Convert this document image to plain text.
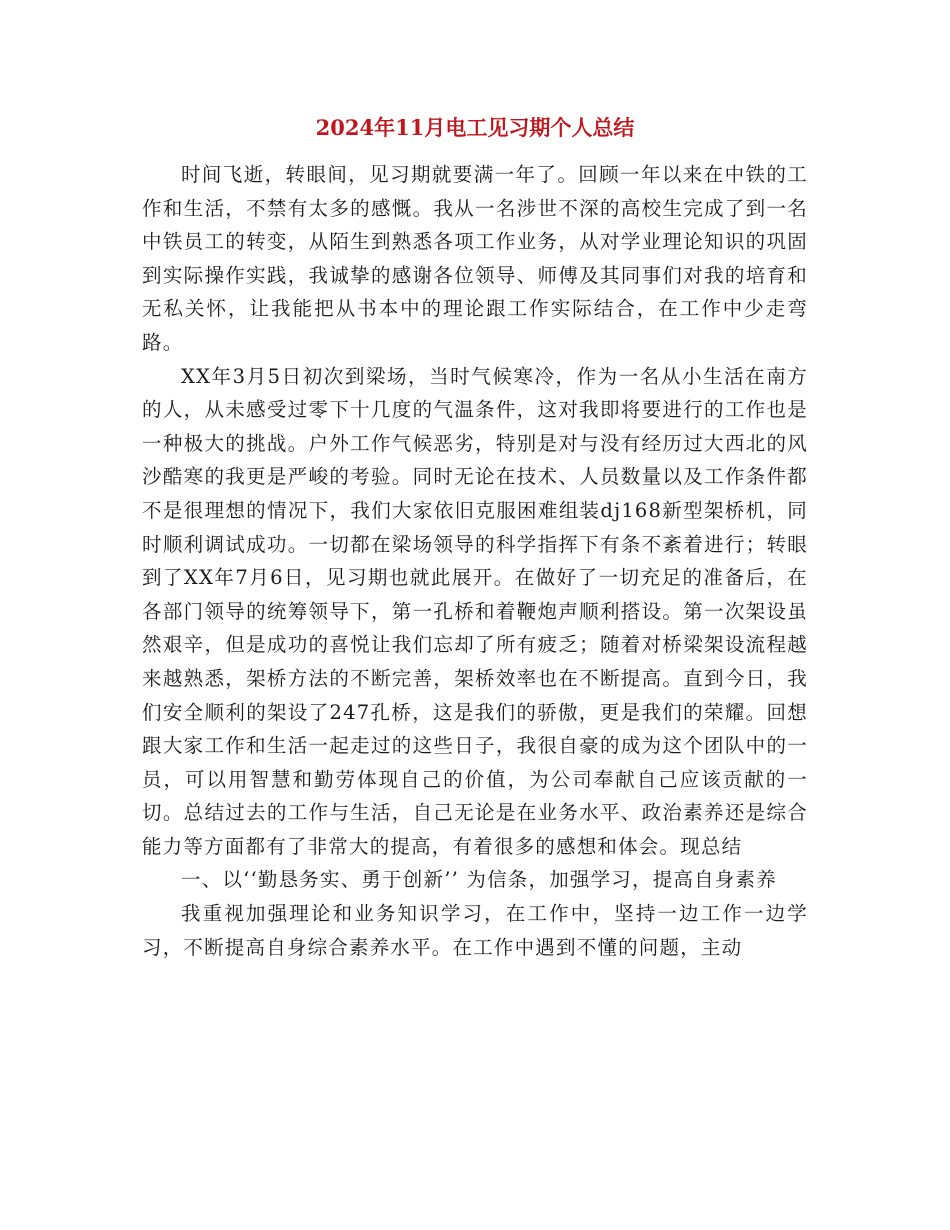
2024年11月电工见习期个人总结

时间飞逝，转眼间，见习期就要满一年了。回顾一年以来在中铁的工作和生活，不禁有太多的感慨。我从一名涉世不深的高校生完成了到一名中铁员工的转变，从陌生到熟悉各项工作业务，从对学业理论知识的巩固到实际操作实践，我诚挚的感谢各位领导、师傅及其同事们对我的培育和无私关怀，让我能把从书本中的理论跟工作实际结合，在工作中少走弯路。

XX年3月5日初次到梁场，当时气候寒冷，作为一名从小生活在南方的人，从未感受过零下十几度的气温条件，这对我即将要进行的工作也是一种极大的挑战。户外工作气候恶劣，特别是对与没有经历过大西北的风沙酷寒的我更是严峻的考验。同时无论在技术、人员数量以及工作条件都不是很理想的情况下，我们大家依旧克服困难组装dj168新型架桥机，同时顺利调试成功。一切都在梁场领导的科学指挥下有条不紊着进行；转眼到了XX年7月6日，见习期也就此展开。在做好了一切充足的准备后，在各部门领导的统筹领导下，第一孔桥和着鞭炮声顺利搭设。第一次架设虽然艰辛，但是成功的喜悦让我们忘却了所有疲乏；随着对桥梁架设流程越来越熟悉，架桥方法的不断完善，架桥效率也在不断提高。直到今日，我们安全顺利的架设了247孔桥，这是我们的骄傲，更是我们的荣耀。回想跟大家工作和生活一起走过的这些日子，我很自豪的成为这个团队中的一员，可以用智慧和勤劳体现自己的价值，为公司奉献自己应该贡献的一切。总结过去的工作与生活，自己无论是在业务水平、政治素养还是综合能力等方面都有了非常大的提高，有着很多的感想和体会。现总结

一、以‘‘勤恳务实、勇于创新’’ 为信条，加强学习，提高自身素养

我重视加强理论和业务知识学习，在工作中，坚持一边工作一边学习，不断提高自身综合素养水平。在工作中遇到不懂的问题，主动
